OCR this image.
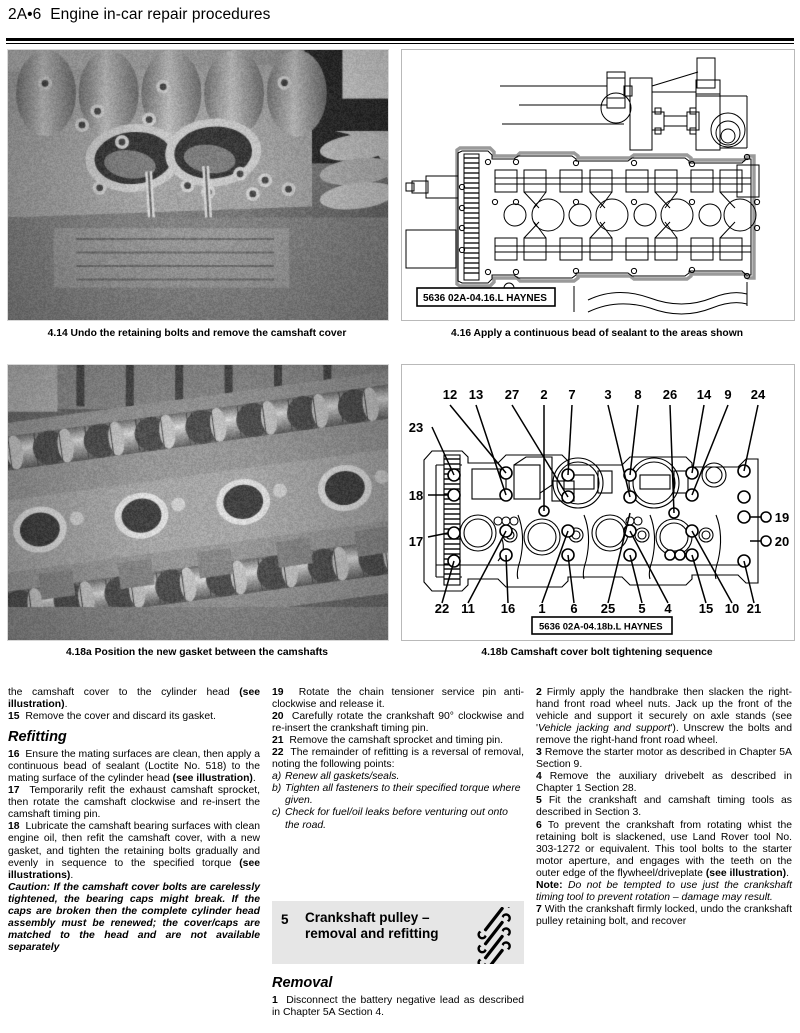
2A•6 Engine in-car repair procedures
4.14 Undo the retaining bolts and remove the camshaft cover
5636 02A-04.16.L HAYNES
4.16 Apply a continuous bead of sealant to the areas shown
4.18a Position the new gasket between the camshafts
12 13 27 2 7 3 8 26 14 9 24
23
18
17
19
20
22 11 16 1 6 25 5 4 15 10 21
5636 02A-04.18b.L HAYNES
4.18b Camshaft cover bolt tightening sequence

the camshaft cover to the cylinder head (see illustration).

15 Remove the cover and discard its gasket.

Refitting

16 Ensure the mating surfaces are clean, then apply a continuous bead of sealant (Loctite No. 518) to the mating surface of the cylinder head (see illustration).

17 Temporarily refit the exhaust camshaft sprocket, then rotate the camshaft clockwise and re-insert the camshaft timing pin.

18 Lubricate the camshaft bearing surfaces with clean engine oil, then refit the camshaft cover, with a new gasket, and tighten the retaining bolts gradually and evenly in sequence to the specified torque (see illustrations).

Caution: If the camshaft cover bolts are carelessly tightened, the bearing caps might break. If the caps are broken then the complete cylinder head assembly must be renewed; the cover/caps are matched to the head and are not available separately

19 Rotate the chain tensioner service pin anti-clockwise and release it.

20 Carefully rotate the crankshaft 90° clockwise and re-insert the crankshaft timing pin.

21 Remove the camshaft sprocket and timing pin.

22 The remainder of refitting is a reversal of removal, noting the following points:

a) Renew all gaskets/seals.
b) Tighten all fasteners to their specified torque where given.
c) Check for fuel/oil leaks before venturing out onto the road.
5 Crankshaft pulley –
removal and refitting
Removal

1 Disconnect the battery negative lead as described in Chapter 5A Section 4.

2 Firmly apply the handbrake then slacken the right-hand front road wheel nuts. Jack up the front of the vehicle and support it securely on axle stands (see 'Vehicle jacking and support'). Unscrew the bolts and remove the right-hand front road wheel.

3 Remove the starter motor as described in Chapter 5A Section 9.

4 Remove the auxiliary drivebelt as described in Chapter 1 Section 28.

5 Fit the crankshaft and camshaft timing tools as described in Section 3.

6 To prevent the crankshaft from rotating whist the retaining bolt is slackened, use Land Rover tool No. 303-1272 or equivalent. This tool bolts to the starter motor aperture, and engages with the teeth on the outer edge of the flywheel/driveplate (see illustration).

Note: Do not be tempted to use just the crankshaft timing tool to prevent rotation – damage may result.

7 With the crankshaft firmly locked, undo the crankshaft pulley retaining bolt, and recover
